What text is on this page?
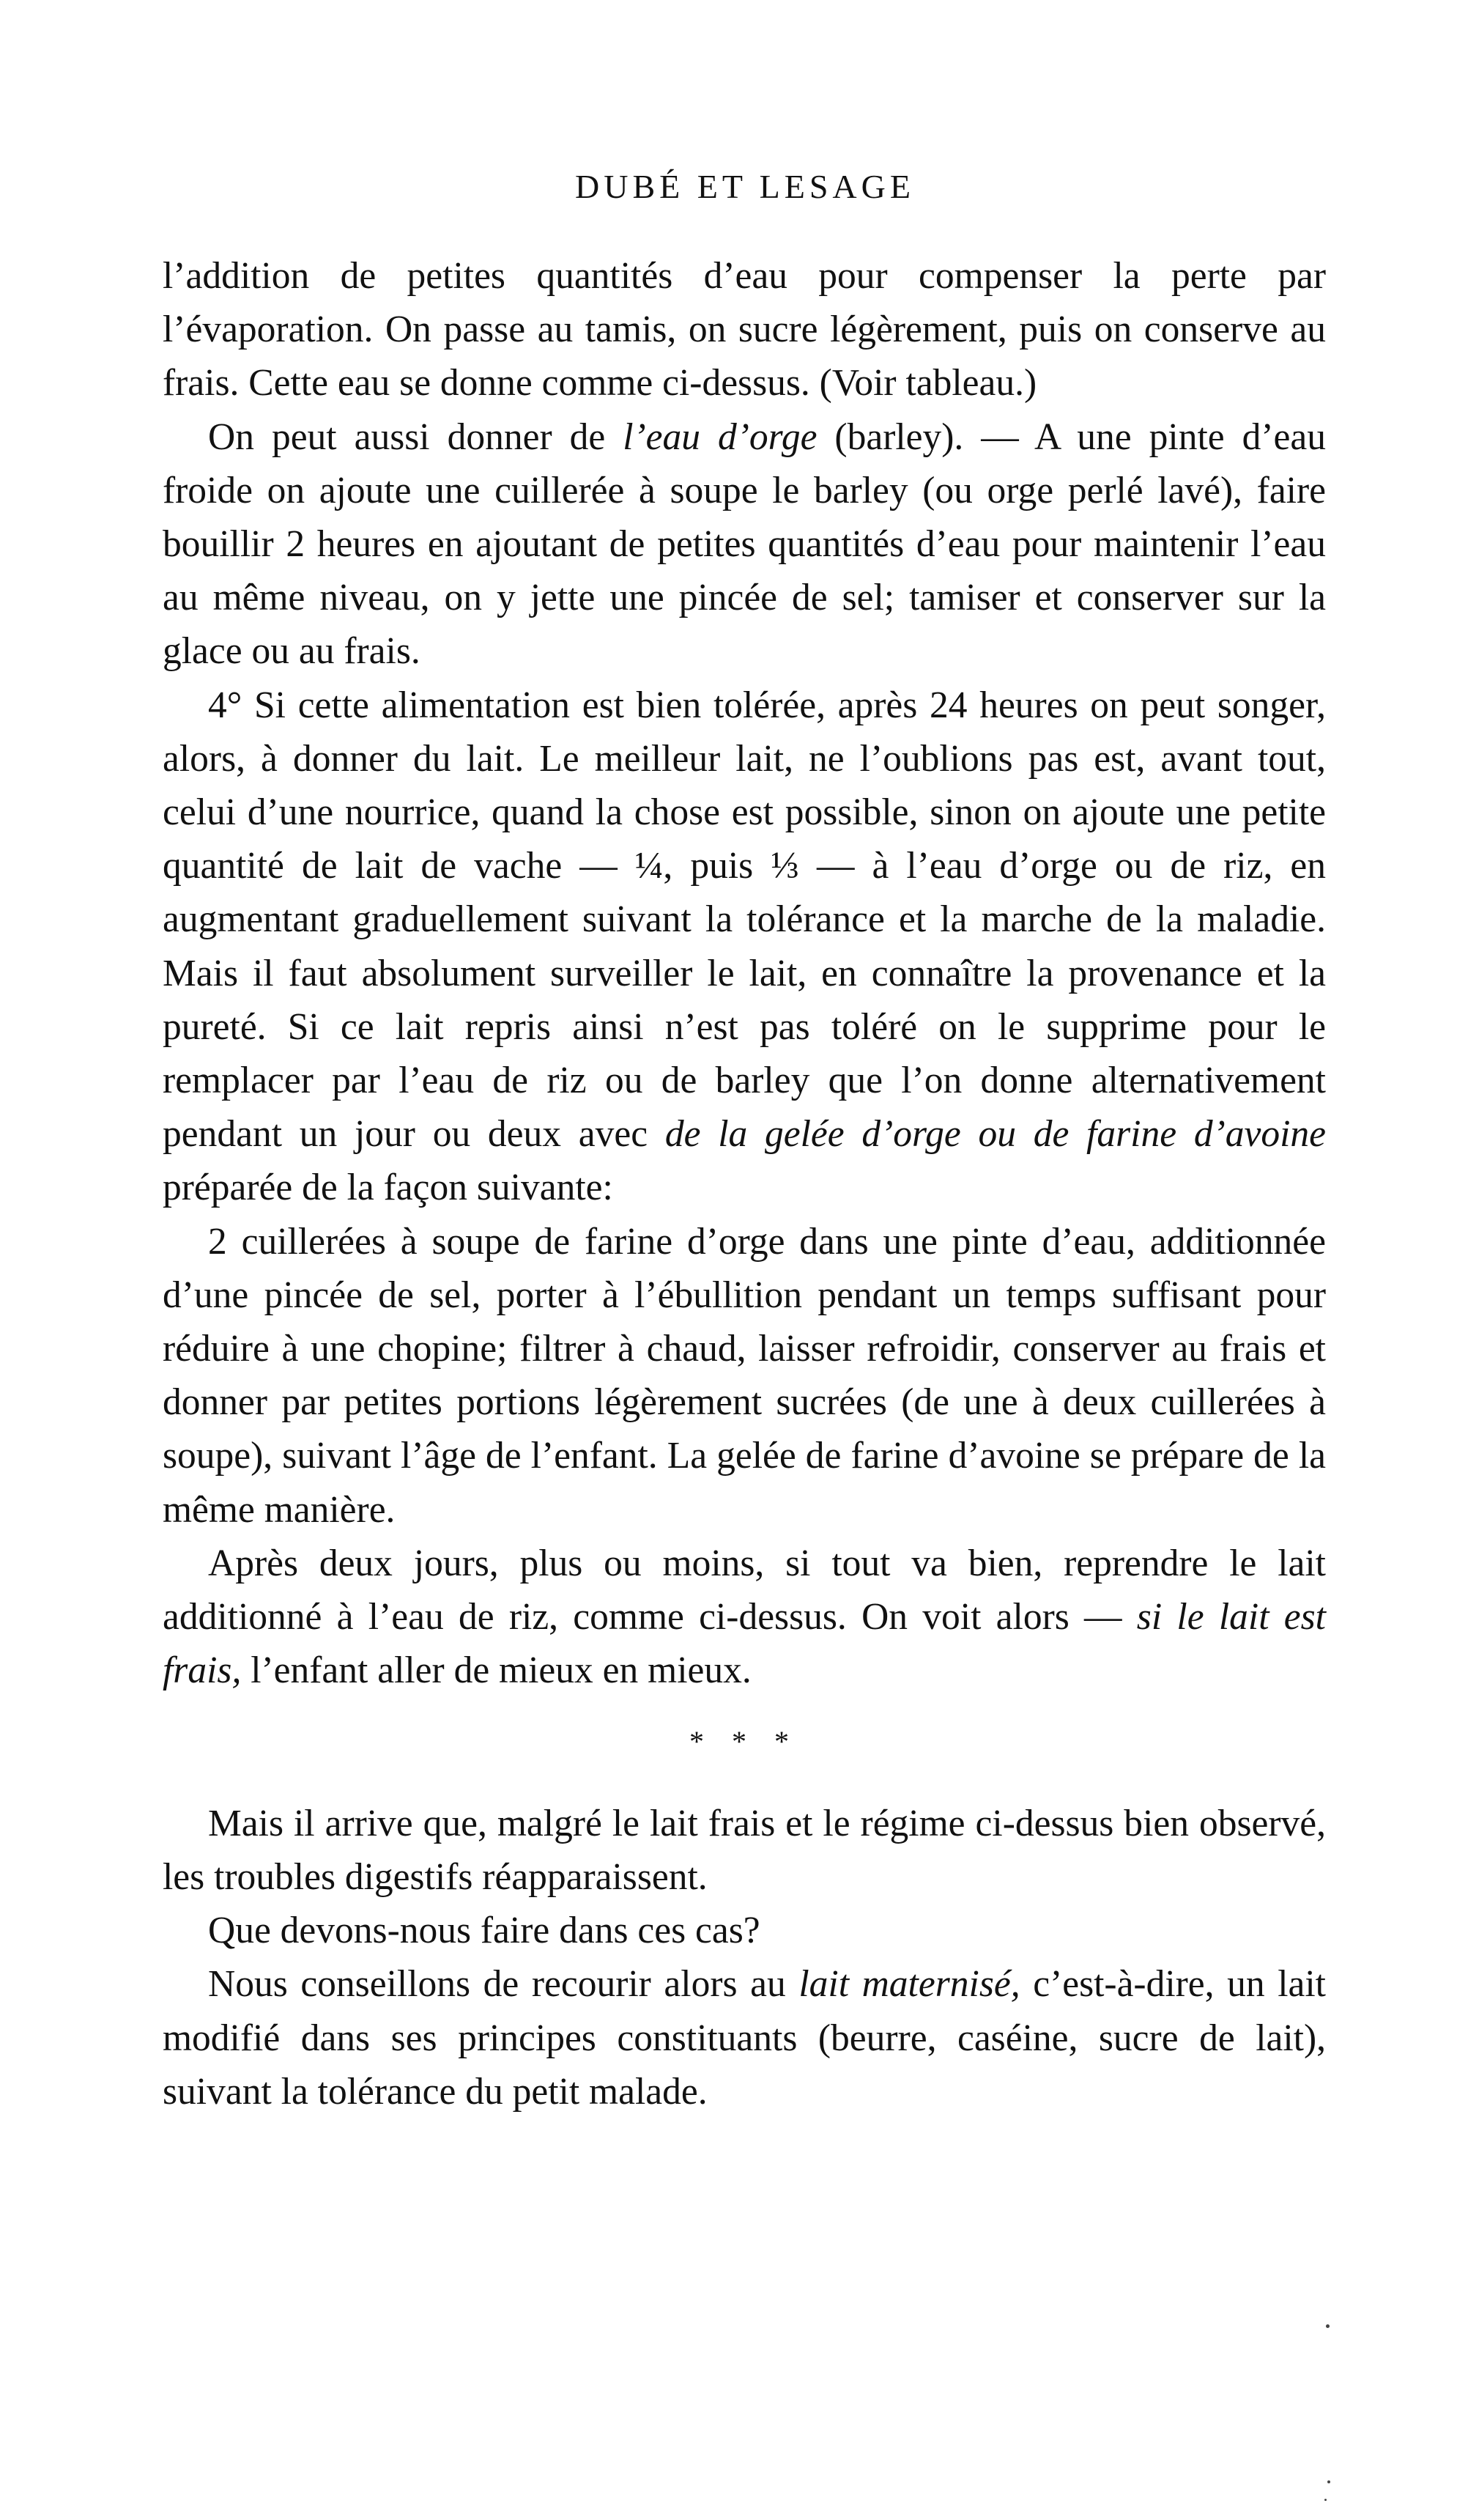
DUBÉ ET LESAGE

l’addition de petites quantités d’eau pour compenser la perte par l’évaporation. On passe au tamis, on sucre légèrement, puis on conserve au frais. Cette eau se donne comme ci-dessus. (Voir tableau.)

On peut aussi donner de l’eau d’orge (barley). — A une pinte d’eau froide on ajoute une cuillerée à soupe le barley (ou orge perlé lavé), faire bouillir 2 heures en ajoutant de petites quantités d’eau pour maintenir l’eau au même niveau, on y jette une pincée de sel; tamiser et conserver sur la glace ou au frais.

4° Si cette alimentation est bien tolérée, après 24 heures on peut songer, alors, à donner du lait. Le meilleur lait, ne l’oublions pas est, avant tout, celui d’une nourrice, quand la chose est possible, sinon on ajoute une petite quantité de lait de vache — ¼, puis ⅓ — à l’eau d’orge ou de riz, en augmentant graduellement suivant la tolérance et la marche de la maladie. Mais il faut absolument surveiller le lait, en connaître la provenance et la pureté. Si ce lait repris ainsi n’est pas toléré on le supprime pour le remplacer par l’eau de riz ou de barley que l’on donne alternativement pendant un jour ou deux avec de la gelée d’orge ou de farine d’avoine préparée de la façon suivante:

2 cuillerées à soupe de farine d’orge dans une pinte d’eau, additionnée d’une pincée de sel, porter à l’ébullition pendant un temps suffisant pour réduire à une chopine; filtrer à chaud, laisser refroidir, conserver au frais et donner par petites portions légèrement sucrées (de une à deux cuillerées à soupe), suivant l’âge de l’enfant. La gelée de farine d’avoine se prépare de la même manière.

Après deux jours, plus ou moins, si tout va bien, reprendre le lait additionné à l’eau de riz, comme ci-dessus. On voit alors — si le lait est frais, l’enfant aller de mieux en mieux.

* * *

Mais il arrive que, malgré le lait frais et le régime ci-dessus bien observé, les troubles digestifs réapparaissent.

Que devons-nous faire dans ces cas?

Nous conseillons de recourir alors au lait maternisé, c’est-à-dire, un lait modifié dans ses principes constituants (beurre, caséine, sucre de lait), suivant la tolérance du petit malade.
